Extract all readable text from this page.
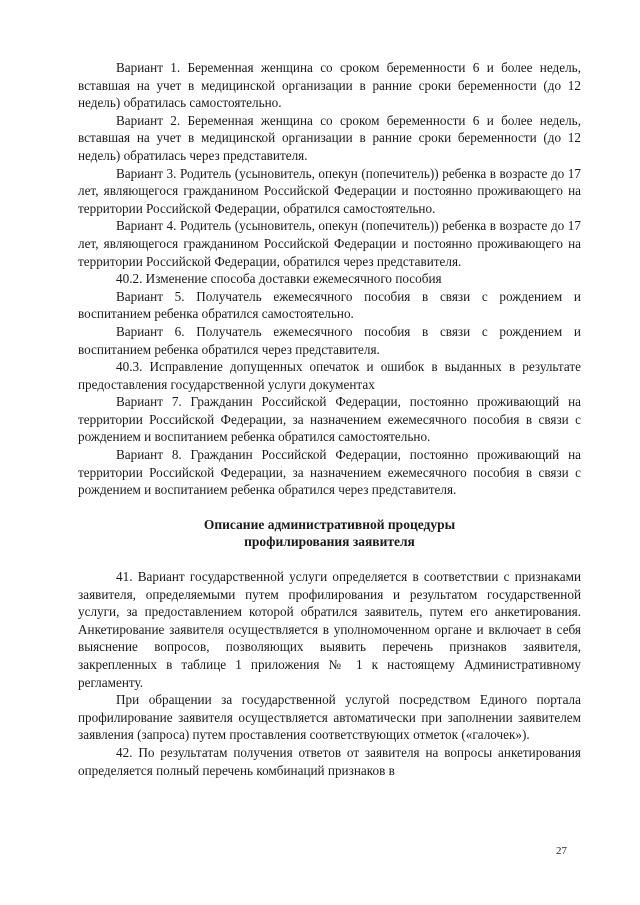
Вариант 1. Беременная женщина со сроком беременности 6 и более недель, вставшая на учет в медицинской организации в ранние сроки беременности (до 12 недель) обратилась самостоятельно.

Вариант 2. Беременная женщина со сроком беременности 6 и более недель, вставшая на учет в медицинской организации в ранние сроки беременности (до 12 недель) обратилась через представителя.

Вариант 3. Родитель (усыновитель, опекун (попечитель)) ребенка в возрасте до 17 лет, являющегося гражданином Российской Федерации и постоянно проживающего на территории Российской Федерации, обратился самостоятельно.

Вариант 4. Родитель (усыновитель, опекун (попечитель)) ребенка в возрасте до 17 лет, являющегося гражданином Российской Федерации и постоянно проживающего на территории Российской Федерации, обратился через представителя.

40.2. Изменение способа доставки ежемесячного пособия

Вариант 5. Получатель ежемесячного пособия в связи с рождением и воспитанием ребенка обратился самостоятельно.

Вариант 6. Получатель ежемесячного пособия в связи с рождением и воспитанием ребенка обратился через представителя.

40.3. Исправление допущенных опечаток и ошибок в выданных в результате предоставления государственной услуги документах

Вариант 7. Гражданин Российской Федерации, постоянно проживающий на территории Российской Федерации, за назначением ежемесячного пособия в связи с рождением и воспитанием ребенка обратился самостоятельно.

Вариант 8. Гражданин Российской Федерации, постоянно проживающий на территории Российской Федерации, за назначением ежемесячного пособия в связи с рождением и воспитанием ребенка обратился через представителя.

Описание административной процедуры

профилирования заявителя

41. Вариант государственной услуги определяется в соответствии с признаками заявителя, определяемыми путем профилирования и результатом государственной услуги, за предоставлением которой обратился заявитель, путем его анкетирования. Анкетирование заявителя осуществляется в уполномоченном органе и включает в себя выяснение вопросов, позволяющих выявить перечень признаков заявителя, закрепленных в таблице 1 приложения № 1 к настоящему Административному регламенту.

При обращении за государственной услугой посредством Единого портала профилирование заявителя осуществляется автоматически при заполнении заявителем заявления (запроса) путем проставления соответствующих отметок («галочек»).

42. По результатам получения ответов от заявителя на вопросы анкетирования определяется полный перечень комбинаций признаков в

27
